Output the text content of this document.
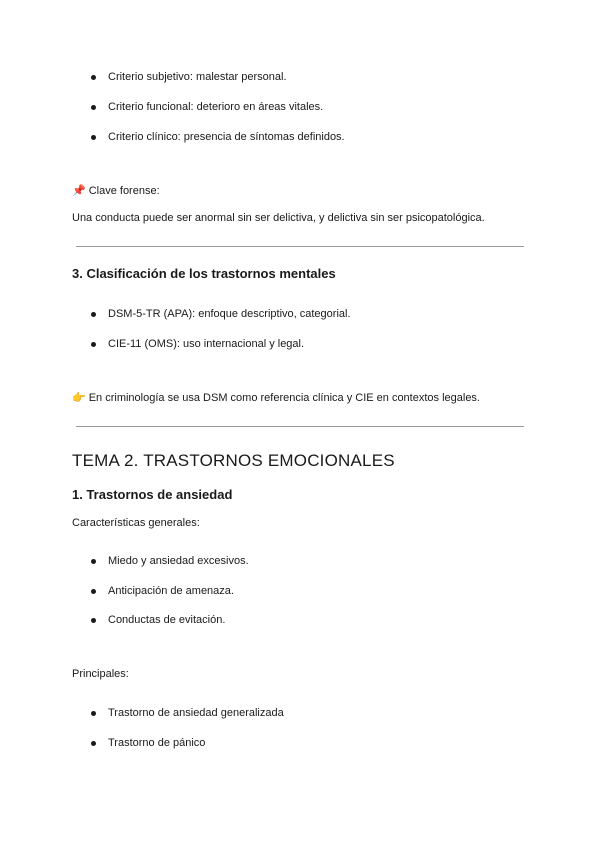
Criterio subjetivo: malestar personal.
Criterio funcional: deterioro en áreas vitales.
Criterio clínico: presencia de síntomas definidos.
📌 Clave forense:
Una conducta puede ser anormal sin ser delictiva, y delictiva sin ser psicopatológica.
3. Clasificación de los trastornos mentales
DSM-5-TR (APA): enfoque descriptivo, categorial.
CIE-11 (OMS): uso internacional y legal.
👉 En criminología se usa DSM como referencia clínica y CIE en contextos legales.
TEMA 2. TRASTORNOS EMOCIONALES
1. Trastornos de ansiedad
Características generales:
Miedo y ansiedad excesivos.
Anticipación de amenaza.
Conductas de evitación.
Principales:
Trastorno de ansiedad generalizada
Trastorno de pánico
